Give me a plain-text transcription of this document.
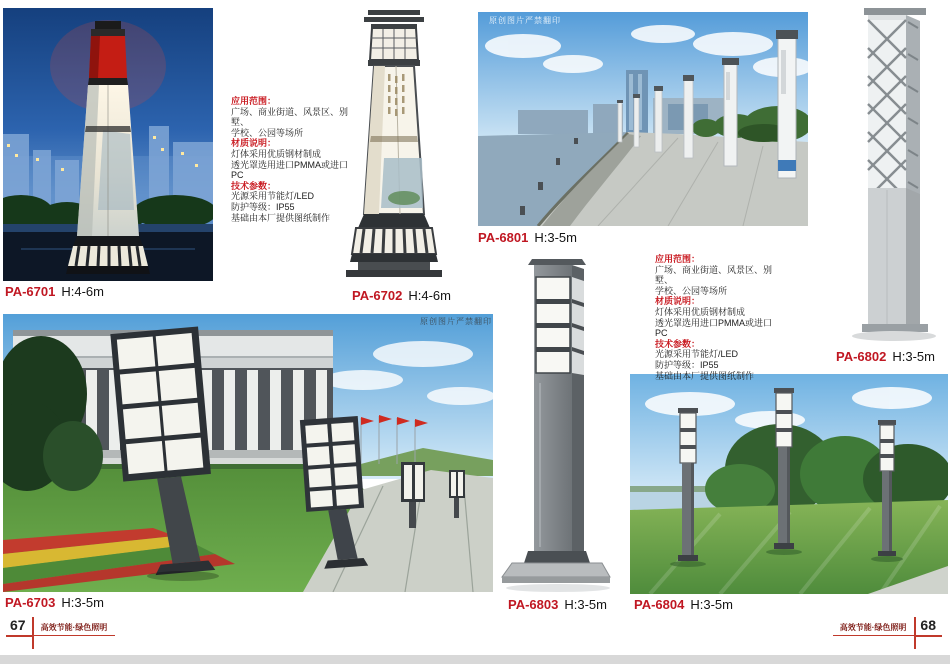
原创图片严禁翻印
原创图片严禁翻印
PA-6701 H:4-6m	PA-6702 H:4-6m
PA-6801 H:3-5m
PA-6802 H:3-5m
PA-6703 H:3-5m	PA-6803 H:3-5m PA-6804 H:3-5m
应用范围：
广场、商业街道、风景区、别墅、
学校、公园等场所
材质说明：
灯体采用优质钢材制成
透光罩选用进口PMMA或进口PC
技术参数：
光源采用节能灯/LED
防护等级：IP55
基础由本厂提供图纸制作
应用范围：
广场、商业街道、风景区、别墅、
学校、公园等场所
材质说明：
灯体采用优质钢材制成
透光罩选用进口PMMA或进口PC
技术参数：
光源采用节能灯/LED
防护等级：IP55
基础由本厂提供图纸制作
67	高效节能·绿色照明	高效节能·绿色照明	68
